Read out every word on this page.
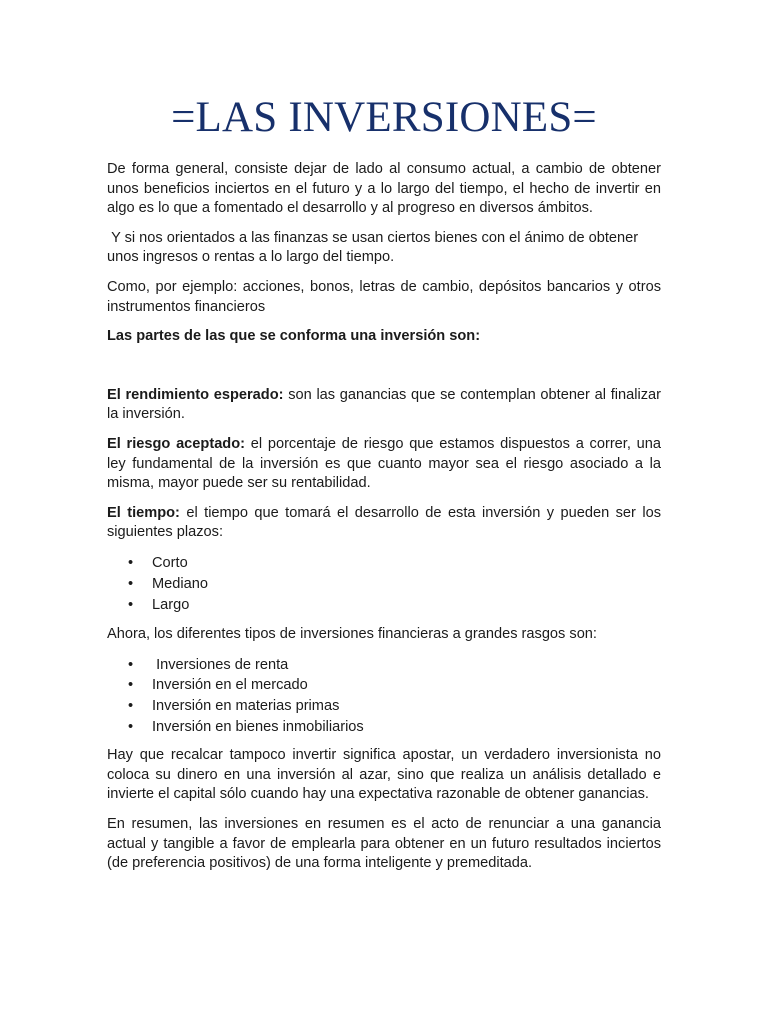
=LAS INVERSIONES=

De forma general, consiste dejar de lado al consumo actual, a cambio de obtener unos beneficios inciertos en el futuro y a lo largo del tiempo, el hecho de invertir en algo es lo que a fomentado el desarrollo y al progreso en diversos ámbitos.

Y si nos orientados a las finanzas se usan ciertos bienes con el ánimo de obtener unos ingresos o rentas a lo largo del tiempo.

Como, por ejemplo: acciones, bonos, letras de cambio, depósitos bancarios y otros instrumentos financieros

Las partes de las que se conforma una inversión son:

El rendimiento esperado: son las ganancias que se contemplan obtener al finalizar la inversión.

El riesgo aceptado: el porcentaje de riesgo que estamos dispuestos a correr, una ley fundamental de la inversión es que cuanto mayor sea el riesgo asociado a la misma, mayor puede ser su rentabilidad.

El tiempo: el tiempo que tomará el desarrollo de esta inversión y pueden ser los siguientes plazos:

• Corto
• Mediano
• Largo

Ahora, los diferentes tipos de inversiones financieras a grandes rasgos son:

•  Inversiones de renta
• Inversión en el mercado
• Inversión en materias primas
• Inversión en bienes inmobiliarios

Hay que recalcar tampoco invertir significa apostar, un verdadero inversionista no coloca su dinero en una inversión al azar, sino que realiza un análisis detallado e invierte el capital sólo cuando hay una expectativa razonable de obtener ganancias.

En resumen, las inversiones en resumen es el acto de renunciar a una ganancia actual y tangible a favor de emplearla para obtener en un futuro resultados inciertos (de preferencia positivos) de una forma inteligente y premeditada.
